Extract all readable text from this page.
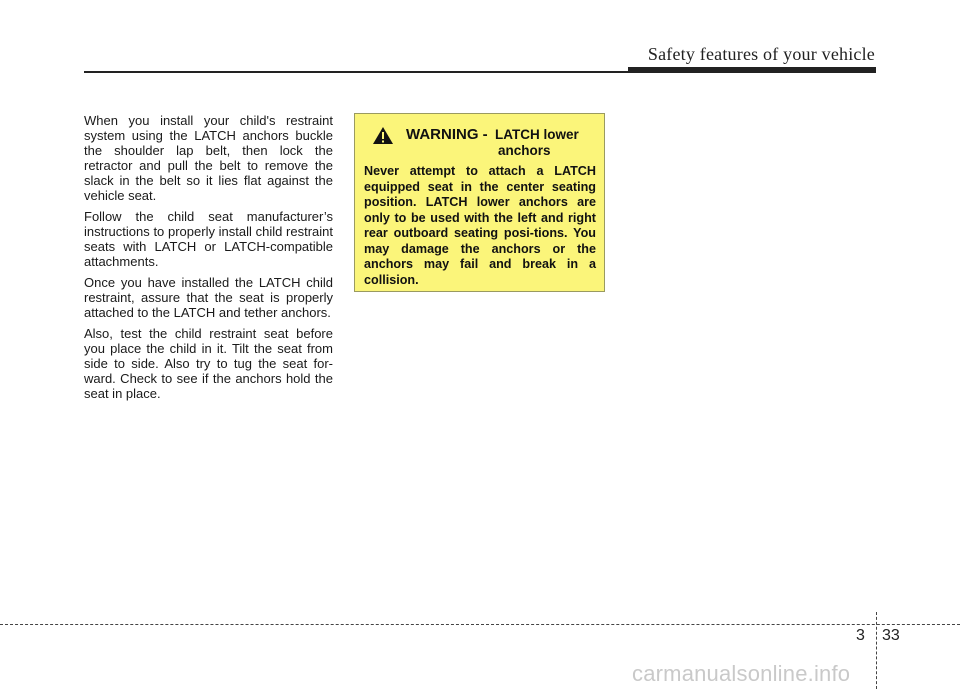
Safety features of your vehicle

When you install your child's restraint system using the LATCH anchors buckle the shoulder lap belt, then lock the retractor and pull the belt to remove the slack in the belt so it lies flat against the vehicle seat.

Follow the child seat manufacturer’s instructions to properly install child restraint seats with LATCH or LATCH-compatible attachments.

Once you have installed the LATCH child restraint, assure that the seat is properly attached to the LATCH and tether anchors.

Also, test the child restraint seat before you place the child in it. Tilt the seat from side to side. Also try to tug the seat for-ward. Check to see if the anchors hold the seat in place.

WARNING - LATCH lower
anchors
Never attempt to attach a LATCH equipped seat in the center seating position. LATCH lower anchors are only to be used with the left and right rear outboard seating posi-tions. You may damage the anchors or the anchors may fail and break in a collision.
3 33
carmanualsonline.info
